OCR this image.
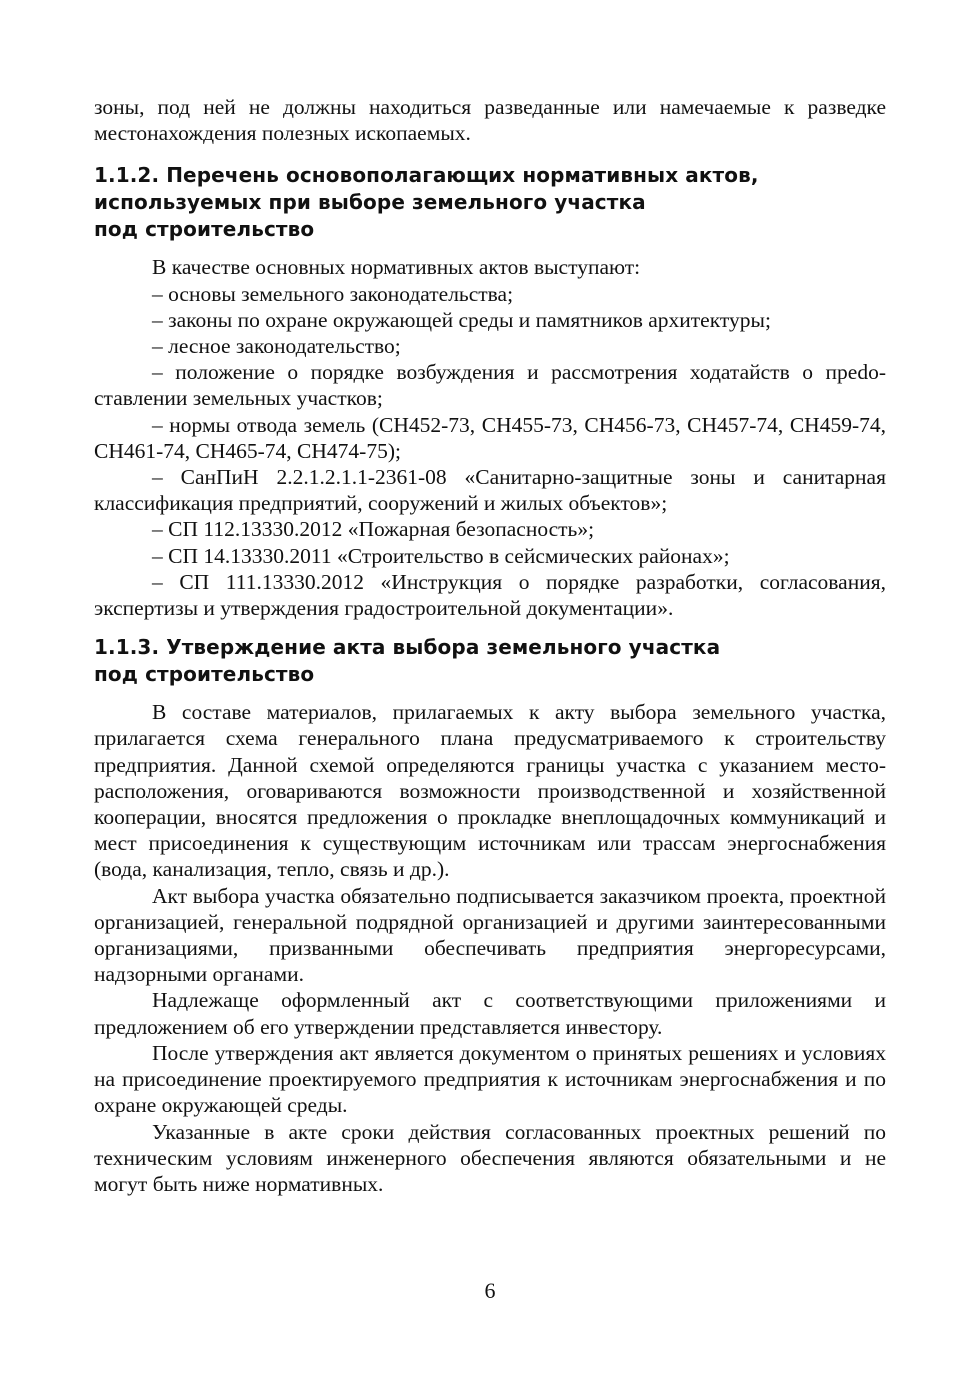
зоны, под ней не должны находиться разведанные или намечаемые к разведке местонахождения полезных ископаемых.

1.1.2. Перечень основополагающих нормативных актов,
используемых при выборе земельного участка
под строительство

В качестве основных нормативных актов выступают:

– основы земельного законодательства;

– законы по охране окружающей среды и памятников архитектуры;

– лесное законодательство;

– положение о порядке возбуждения и рассмотрения ходатайств о преdоставлении земельных участков;

– нормы отвода земель (СН452-73, СН455-73, СН456-73, СН457-74, СН459-74, СН461-74, СН465-74, СН474-75);

– СанПиН 2.2.1.2.1.1-2361-08 «Санитарно-защитные зоны и санитарная классификация предприятий, сооружений и жилых объектов»;

– СП 112.13330.2012 «Пожарная безопасность»;

– СП 14.13330.2011 «Строительство в сейсмических районах»;

– СП 111.13330.2012 «Инструкция о порядке разработки, согласования, экспертизы и утверждения градостроительной документации».

1.1.3. Утверждение акта выбора земельного участка
под строительство

В составе материалов, прилагаемых к акту выбора земельного участка, прилагается схема генерального плана предусматриваемого к строительству предприятия. Данной схемой определяются границы участка с указанием месторасположения, оговариваются возможности производственной и хозяйственной кооперации, вносятся предложения о прокладке внеплощадочных коммуникаций и мест присоединения к существующим источникам или трассам энергоснабжения (вода, канализация, тепло, связь и др.).

Акт выбора участка обязательно подписывается заказчиком проекта, проектной организацией, генеральной подрядной организацией и другими заинтересованными организациями, призванными обеспечивать предприятия энергоресурсами, надзорными органами.

Надлежаще оформленный акт с соответствующими приложениями и предложением об его утверждении представляется инвестору.

После утверждения акт является документом о принятых решениях и условиях на присоединение проектируемого предприятия к источникам энергоснабжения и по охране окружающей среды.

Указанные в акте сроки действия согласованных проектных решений по техническим условиям инженерного обеспечения являются обязательными и не могут быть ниже нормативных.

6
